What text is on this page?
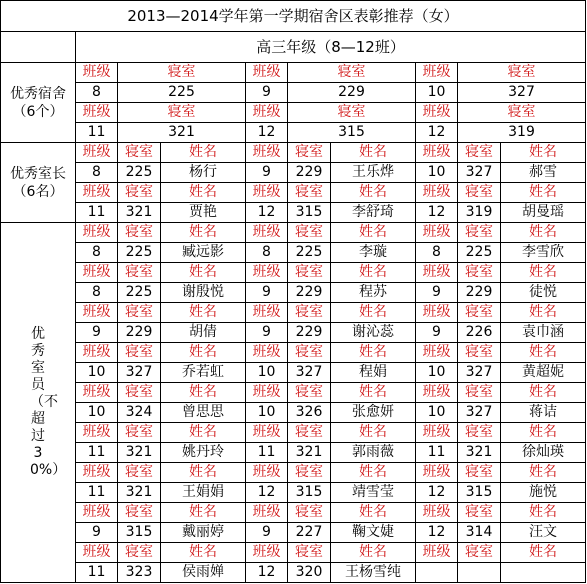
2013—2014学年第一学期宿舍区表彰推荐（女）									
	高三年级（8—12班）								

优秀宿舍
（6个）	班级	寝室		班级	寝室		班级	寝室	
	8	225		9	229		10	327	
	班级	寝室		班级	寝室		班级	寝室	
	11	321		12	315		12	319	

优秀室长
（6名）	班级	寝室	姓名	班级	寝室	姓名	班级	寝室	姓名
	8	225	杨行	9	229	王乐烨	10	327	郝雪
	班级	寝室	姓名	班级	寝室	姓名	班级	寝室	姓名
	11	321	贾艳	12	315	李舒琦	12	319	胡曼瑶

优秀室员（不超过30%）	班级	寝室	姓名	班级	寝室	姓名	班级	寝室	姓名
	8	225	臧远影	8	225	李璇	8	225	李雪欣
	班级	寝室	姓名	班级	寝室	姓名	班级	寝室	姓名
	8	225	谢殷悦	9	229	程苏	9	229	徒悦
	班级	寝室	姓名	班级	寝室	姓名	班级	寝室	姓名
	9	229	胡倩	9	229	谢沁蕊	9	226	袁巾涵
	班级	寝室	姓名	班级	寝室	姓名	班级	寝室	姓名
	10	327	乔若虹	10	327	程娟	10	327	黄超妮
	班级	寝室	姓名	班级	寝室	姓名	班级	寝室	姓名
	10	324	曾思思	10	326	张愈妍	10	327	蒋诘
	班级	寝室	姓名	班级	寝室	姓名	班级	寝室	姓名
	11	321	姚丹玲	11	321	郭雨薇	11	321	徐灿瑛
	班级	寝室	姓名	班级	寝室	姓名	班级	寝室	姓名
	11	321	王娟娟	12	315	靖雪莹	12	315	施悦
	班级	寝室	姓名	班级	寝室	姓名	班级	寝室	姓名
	9	315	戴丽婷	9	227	鞠文婕	12	314	汪文
	班级	寝室	姓名	班级	寝室	姓名	班级	寝室	姓名
	11	323	侯雨婵	12	320	王杨雪纯			
